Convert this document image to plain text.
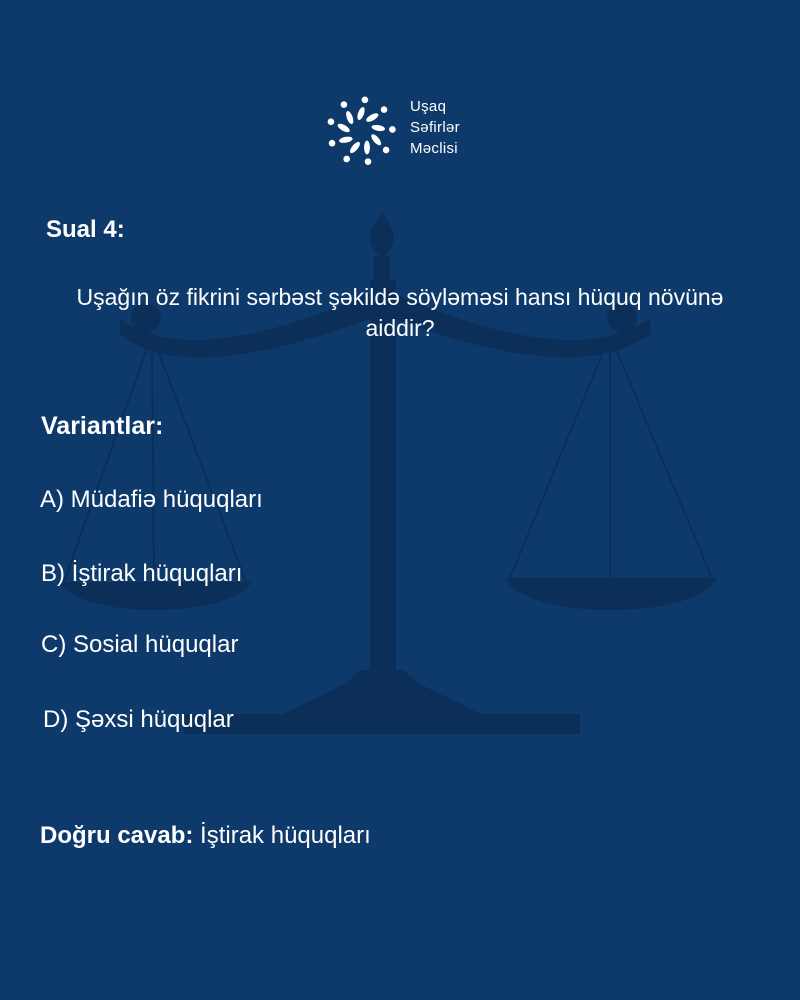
Uşaq
Səfirlər
Məclisi
Sual 4:
Uşağın öz fikrini sərbəst şəkildə söyləməsi hansı hüquq növünə aiddir?
Variantlar:
A) Müdafiə hüquqları
B) İştirak hüquqları
C) Sosial hüquqlar
D) Şəxsi hüquqlar
Doğru cavab: İştirak hüquqları
